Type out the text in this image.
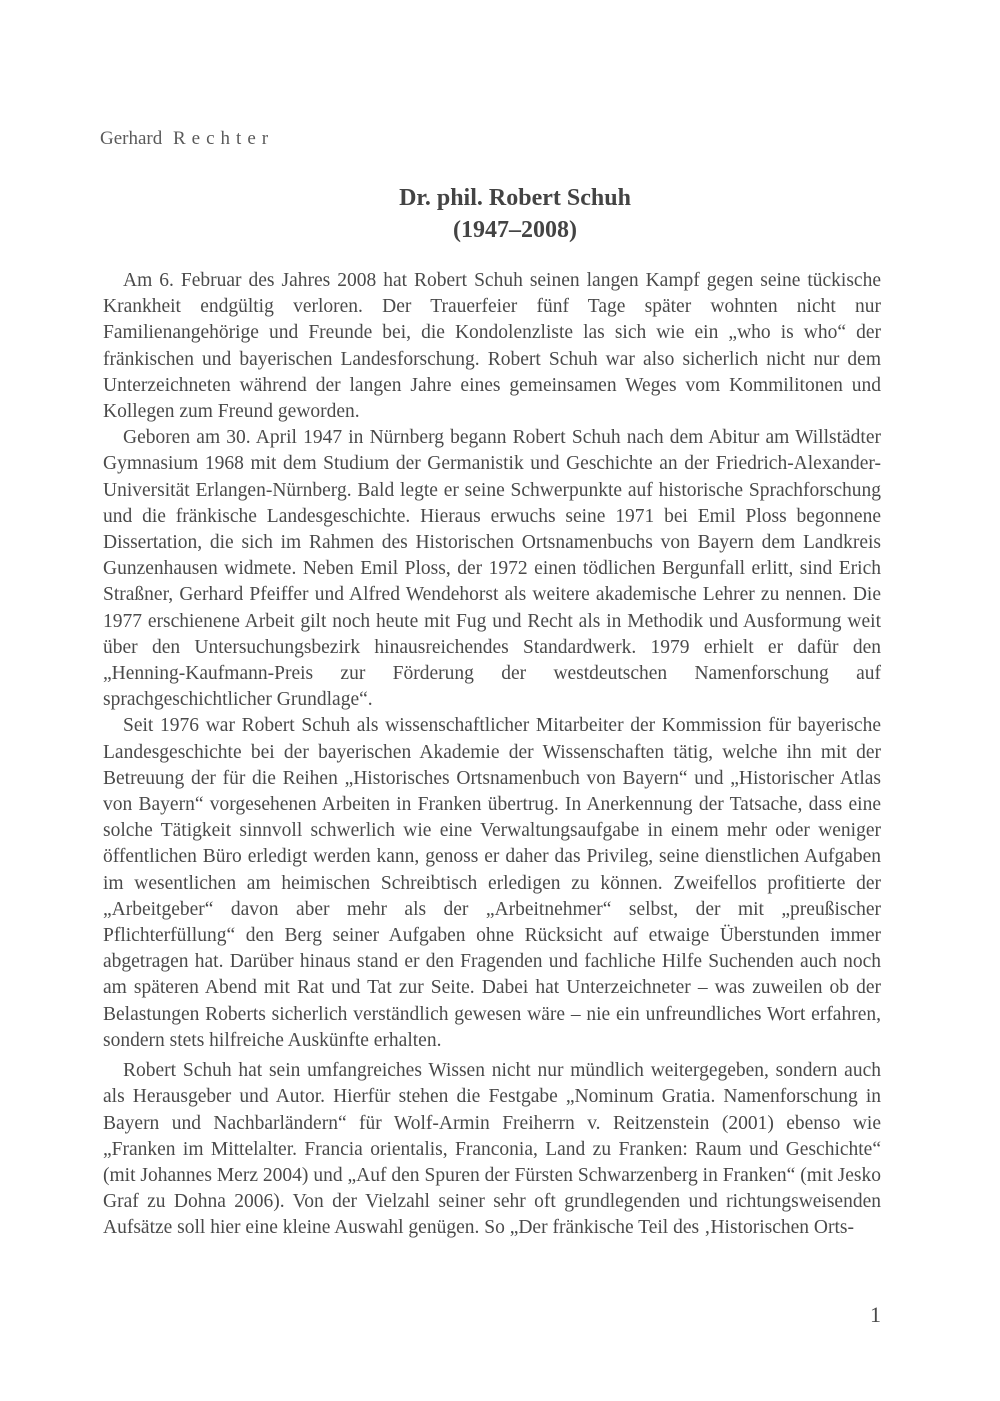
Gerhard Rechter
Dr. phil. Robert Schuh
(1947–2008)

Am 6. Februar des Jahres 2008 hat Robert Schuh seinen langen Kampf gegen seine tückische Krankheit endgültig verloren. Der Trauerfeier fünf Tage später wohnten nicht nur Familienangehörige und Freunde bei, die Kondolenzliste las sich wie ein „who is who“ der fränkischen und bayerischen Landesforschung. Robert Schuh war also sicherlich nicht nur dem Unterzeichneten während der langen Jahre eines gemeinsamen Weges vom Kommilitonen und Kollegen zum Freund geworden.

Geboren am 30. April 1947 in Nürnberg begann Robert Schuh nach dem Abitur am Willstädter Gymnasium 1968 mit dem Studium der Germanistik und Geschichte an der Friedrich-Alexander-Universität Erlangen-Nürnberg. Bald legte er seine Schwerpunkte auf historische Sprachforschung und die fränkische Landesgeschichte. Hieraus erwuchs seine 1971 bei Emil Ploss begonnene Dissertation, die sich im Rahmen des Historischen Ortsnamenbuchs von Bayern dem Landkreis Gunzenhausen widmete. Neben Emil Ploss, der 1972 einen tödlichen Bergunfall erlitt, sind Erich Straßner, Gerhard Pfeiffer und Alfred Wendehorst als weitere akademische Lehrer zu nennen. Die 1977 erschienene Arbeit gilt noch heute mit Fug und Recht als in Methodik und Ausformung weit über den Untersuchungsbezirk hinausreichendes Standardwerk. 1979 erhielt er dafür den „Henning-Kaufmann-Preis zur Förderung der westdeutschen Namenforschung auf sprachgeschichtlicher Grundlage“.

Seit 1976 war Robert Schuh als wissenschaftlicher Mitarbeiter der Kommission für bayerische Landesgeschichte bei der bayerischen Akademie der Wissenschaften tätig, welche ihn mit der Betreuung der für die Reihen „Historisches Ortsnamenbuch von Bayern“ und „Historischer Atlas von Bayern“ vorgesehenen Arbeiten in Franken übertrug. In Anerkennung der Tatsache, dass eine solche Tätigkeit sinnvoll schwerlich wie eine Verwaltungsaufgabe in einem mehr oder weniger öffentlichen Büro erledigt werden kann, genoss er daher das Privileg, seine dienstlichen Aufgaben im wesentlichen am heimischen Schreibtisch erledigen zu können. Zweifellos profitierte der „Arbeitgeber“ davon aber mehr als der „Arbeitnehmer“ selbst, der mit „preußischer Pflichterfüllung“ den Berg seiner Aufgaben ohne Rücksicht auf etwaige Überstunden immer abgetragen hat. Darüber hinaus stand er den Fragenden und fachliche Hilfe Suchenden auch noch am späteren Abend mit Rat und Tat zur Seite. Dabei hat Unterzeichneter – was zuweilen ob der Belastungen Roberts sicherlich verständlich gewesen wäre – nie ein unfreundliches Wort erfahren, sondern stets hilfreiche Auskünfte erhalten.

Robert Schuh hat sein umfangreiches Wissen nicht nur mündlich weitergegeben, sondern auch als Herausgeber und Autor. Hierfür stehen die Festgabe „Nominum Gratia. Namenforschung in Bayern und Nachbarländern“ für Wolf-Armin Freiherrn v. Reitzenstein (2001) ebenso wie „Franken im Mittelalter. Francia orientalis, Franconia, Land zu Franken: Raum und Geschichte“ (mit Johannes Merz 2004) und „Auf den Spuren der Fürsten Schwarzenberg in Franken“ (mit Jesko Graf zu Dohna 2006). Von der Vielzahl seiner sehr oft grundlegenden und richtungsweisenden Aufsätze soll hier eine kleine Auswahl genügen. So „Der fränkische Teil des ‚Historischen Orts-

1
